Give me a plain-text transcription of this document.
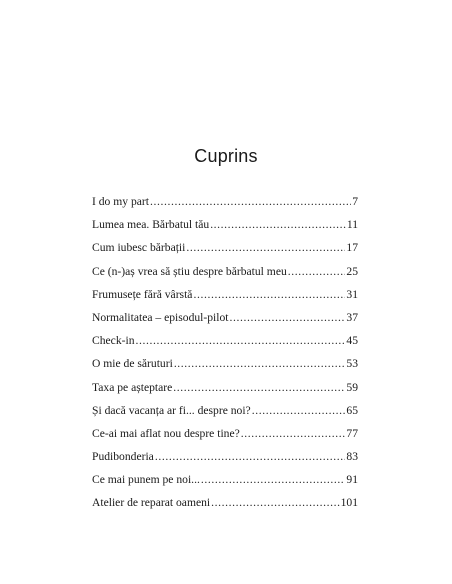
Cuprins
I do my part .....	7
Lumea mea. Bărbatul tău .....	11
Cum iubesc bărbații .....	17
Ce (n-)aș vrea să știu despre bărbatul meu .....	25
Frumusețe fără vârstă .....	31
Normalitatea – episodul-pilot .....	37
Check-in .....	45
O mie de săruturi .....	53
Taxa pe așteptare .....	59
Și dacă vacanța ar fi... despre noi? .....	65
Ce-ai mai aflat nou despre tine? .....	77
Pudibonderia .....	83
Ce mai punem pe noi... .....	91
Atelier de reparat oameni .....	101
